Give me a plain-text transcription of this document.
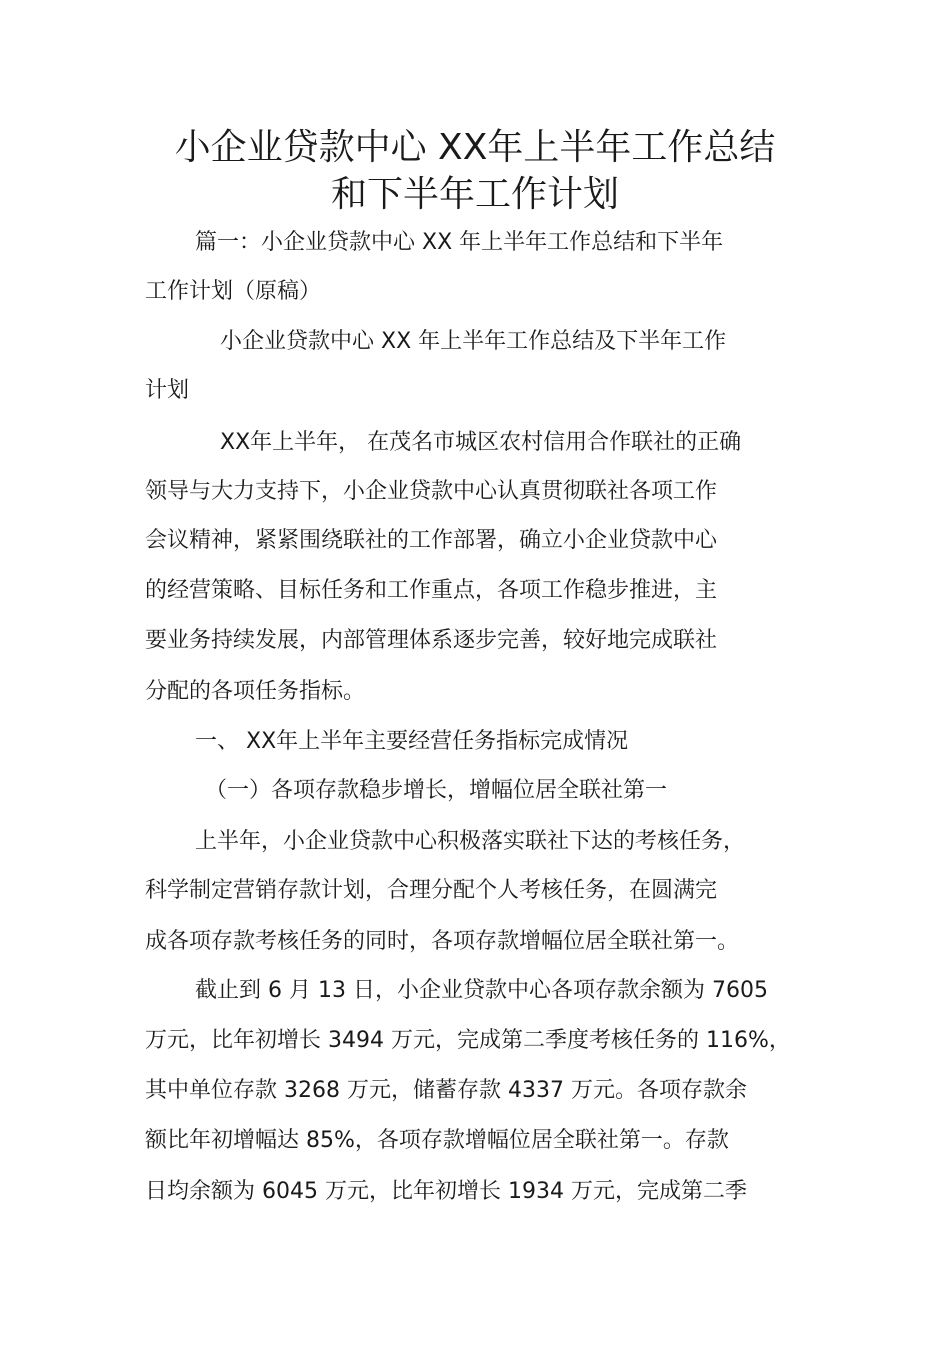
小企业贷款中心 XX年上半年工作总结
和下半年工作计划
篇一：小企业贷款中心 XX 年上半年工作总结和下半年
工作计划（原稿）
小企业贷款中心 XX 年上半年工作总结及下半年工作
计划
XX年上半年， 在茂名市城区农村信用合作联社的正确
领导与大力支持下，小企业贷款中心认真贯彻联社各项工作
会议精神，紧紧围绕联社的工作部署，确立小企业贷款中心
的经营策略、目标任务和工作重点，各项工作稳步推进，主
要业务持续发展，内部管理体系逐步完善，较好地完成联社
分配的各项任务指标。
一、 XX年上半年主要经营任务指标完成情况
（一）各项存款稳步增长，增幅位居全联社第一
上半年，小企业贷款中心积极落实联社下达的考核任务，
科学制定营销存款计划，合理分配个人考核任务，在圆满完
成各项存款考核任务的同时，各项存款增幅位居全联社第一。
截止到 6 月 13 日，小企业贷款中心各项存款余额为 7605
万元，比年初增长 3494 万元，完成第二季度考核任务的 116%，
其中单位存款 3268 万元，储蓄存款 4337 万元。各项存款余
额比年初增幅达 85%，各项存款增幅位居全联社第一。存款
日均余额为 6045 万元，比年初增长 1934 万元，完成第二季
